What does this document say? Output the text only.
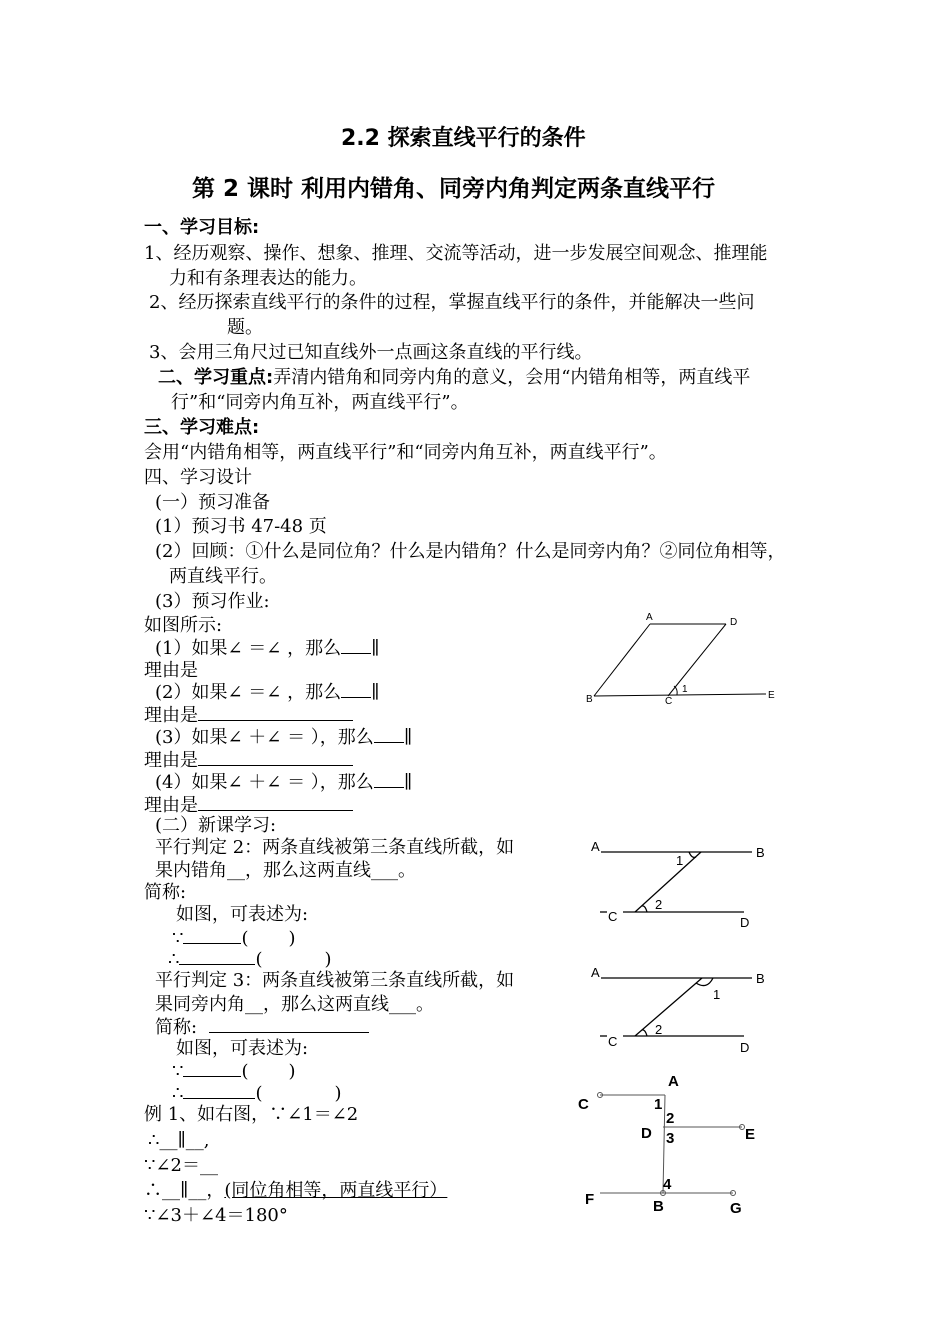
2.2 探索直线平行的条件
第 2 课时 利用内错角、同旁内角判定两条直线平行
一、学习目标:
1、经历观察、操作、想象、推理、交流等活动，进一步发展空间观念、推理能
力和有条理表达的能力。
2、经历探索直线平行的条件的过程，掌握直线平行的条件，并能解决一些问
题。
3、会用三角尺过已知直线外一点画这条直线的平行线。
二、学习重点:弄清内错角和同旁内角的意义，会用“内错角相等，两直线平
行”和“同旁内角互补，两直线平行”。
三、学习难点:
会用“内错角相等，两直线平行”和“同旁内角互补，两直线平行”。
四、学习设计
(一）预习准备
(1）预习书 47-48 页
(2）回顾：①什么是同位角？什么是内错角？什么是同旁内角？②同位角相等，
两直线平行。
(3）预习作业:
如图所示:
(1）如果∠ ＝∠ ，那么 ∥
理由是
(2）如果∠ ＝∠ ，那么 ∥
理由是
(3）如果∠ ＋∠ ＝ ），那么 ∥
理由是
(4）如果∠ ＋∠ ＝ ），那么 ∥
理由是
(二）新课学习:
平行判定 2：两条直线被第三条直线所截，如
果内错角__，那么这两直线___。
简称:
如图，可表述为:
∵	( )
∴	(	)
平行判定 3：两条直线被第三条直线所截，如
果同旁内角__，那么这两直线___。
简称:
如图，可表述为:
∵	( )
∴	(	)
例 1、如右图，∵∠1＝∠2
∴__∥__,
∵∠2＝__
∴__∥__，(同位角相等，两直线平行）
∵∠3＋∠4＝180°
A	D
B	C
E
1
A	B
C	D
1
2
A	B
C	D
1
2
A
C
D	E
F	B	G
1
2
3
4
